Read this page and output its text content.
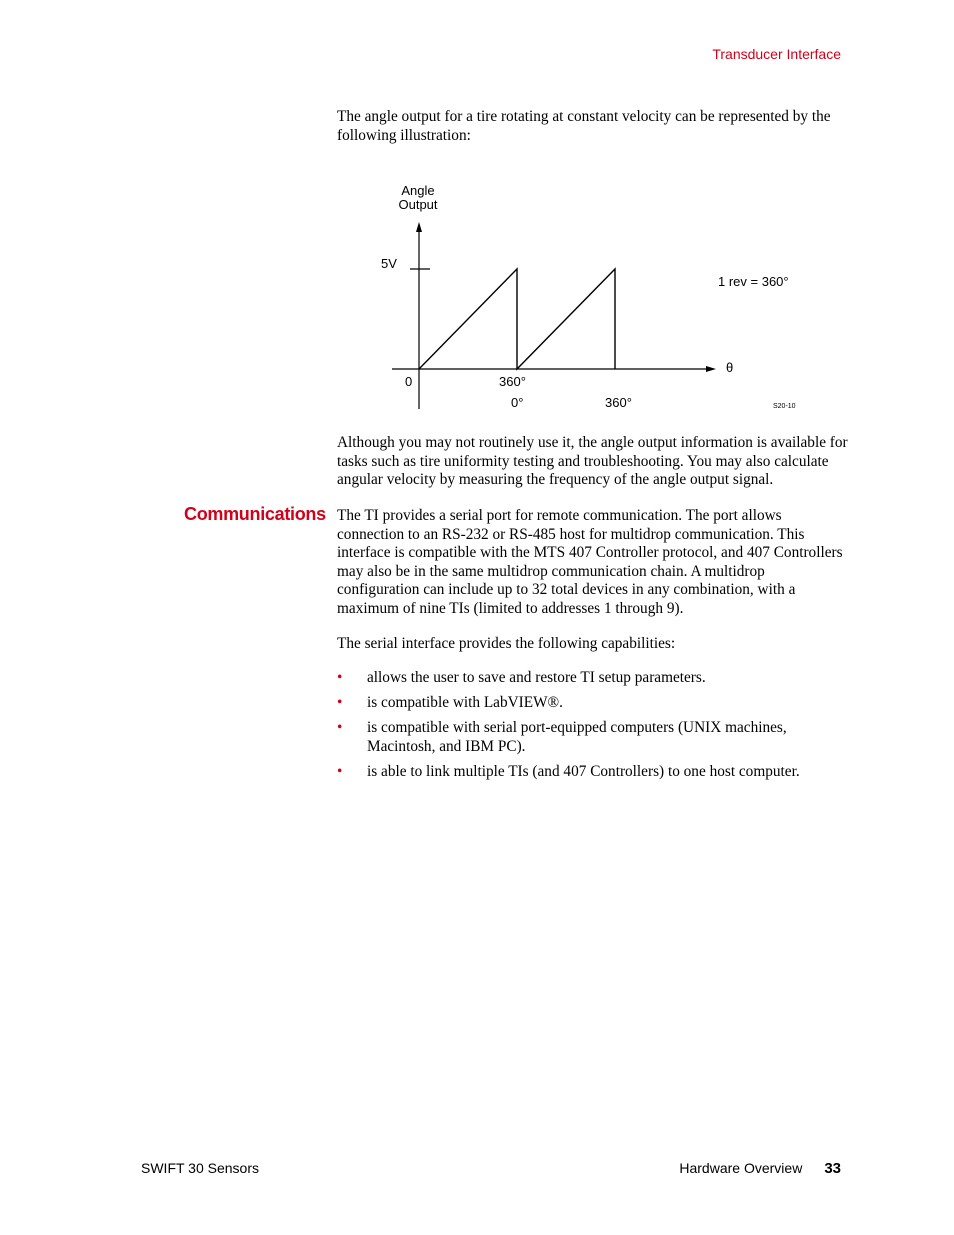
Transducer Interface

The angle output for a tire rotating at constant velocity can be represented by the following illustration:

Angle
Output
5V
1 rev = 360°
θ
0	360°
0°	360°	S20-10

Although you may not routinely use it, the angle output information is available for tasks such as tire uniformity testing and troubleshooting. You may also calculate angular velocity by measuring the frequency of the angle output signal.

Communications The TI provides a serial port for remote communication. The port allows connection to an RS-232 or RS-485 host for multidrop communication. This interface is compatible with the MTS 407 Controller protocol, and 407 Controllers may also be in the same multidrop communication chain. A multidrop configuration can include up to 32 total devices in any combination, with a maximum of nine TIs (limited to addresses 1 through 9).

The serial interface provides the following capabilities:

• allows the user to save and restore TI setup parameters.
• is compatible with LabVIEW®.
• is compatible with serial port-equipped computers (UNIX machines, Macintosh, and IBM PC).
• is able to link multiple TIs (and 407 Controllers) to one host computer.
SWIFT 30 Sensors	Hardware Overview 33
